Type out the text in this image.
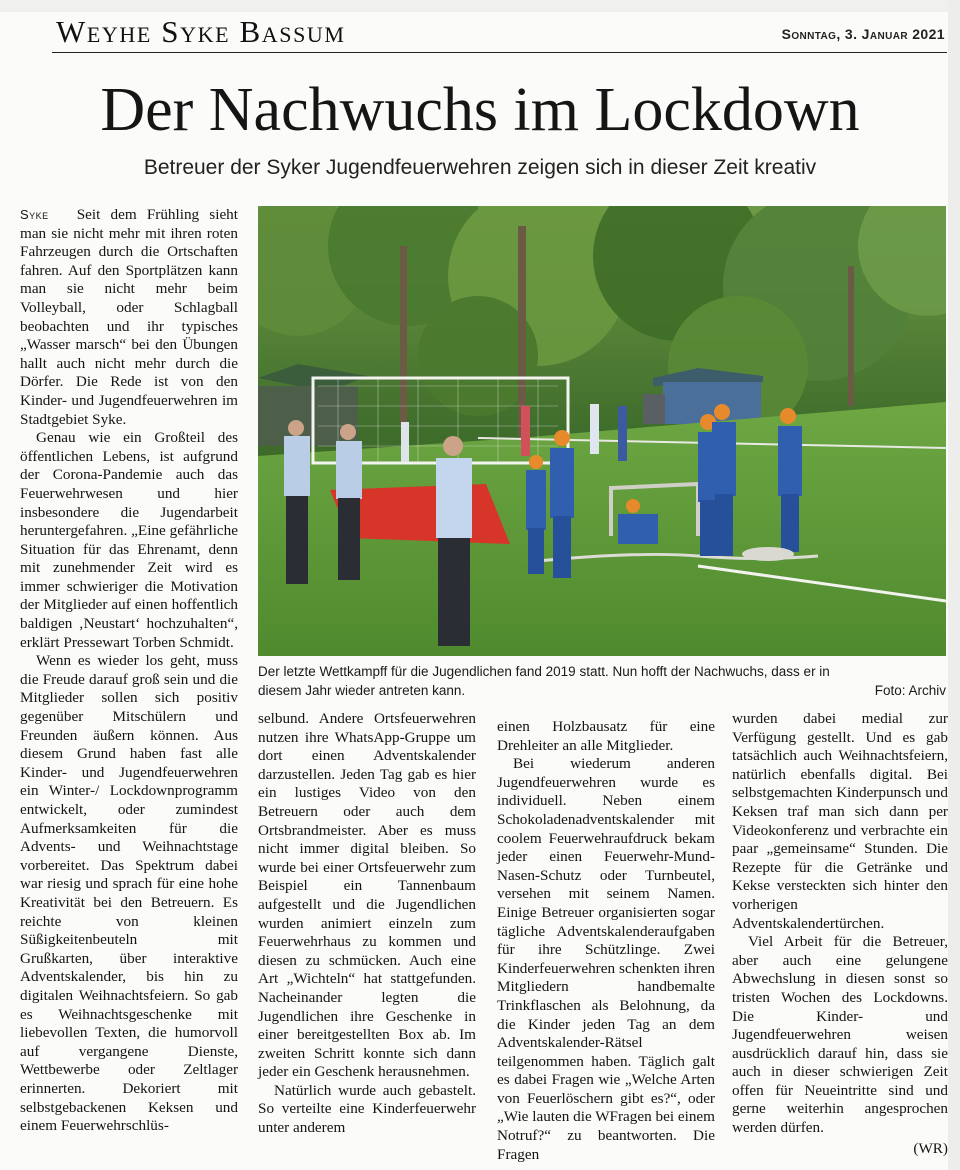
Weyhe Syke Bassum	Sonntag, 3. Januar 2021
Der Nachwuchs im Lockdown
Betreuer der Syker Jugendfeuerwehren zeigen sich in dieser Zeit kreativ
Der letzte Wettkampff für die Jugendlichen fand 2019 statt. Nun hofft der Nachwuchs, dass er in
diesem Jahr wieder antreten kann.	Foto: Archiv

Syke Seit dem Frühling sieht man sie nicht mehr mit ihren roten Fahrzeugen durch die Ortschaften fahren. Auf den Sportplätzen kann man sie nicht mehr beim Volleyball, oder Schlagball beobachten und ihr typisches „Wasser marsch“ bei den Übungen hallt auch nicht mehr durch die Dörfer. Die Rede ist von den Kinder- und Jugendfeuerwehren im Stadtgebiet Syke.

Genau wie ein Großteil des öffentlichen Lebens, ist aufgrund der Corona-Pandemie auch das Feuerwehrwesen und hier insbesondere die Jugendarbeit heruntergefahren. „Eine gefährliche Situation für das Ehrenamt, denn mit zunehmender Zeit wird es immer schwieriger die Motivation der Mitglieder auf einen hoffentlich baldigen ‚Neustart‘ hochzuhalten“, erklärt Pressewart Torben Schmidt.

Wenn es wieder los geht, muss die Freude darauf groß sein und die Mitglieder sollen sich positiv gegenüber Mitschülern und Freunden äußern können. Aus diesem Grund haben fast alle Kinder- und Jugendfeuerwehren ein Winter-/ Lockdownprogramm entwickelt, oder zumindest Aufmerksamkeiten für die Advents- und Weihnachtstage vorbereitet. Das Spektrum dabei war riesig und sprach für eine hohe Kreativität bei den Betreuern. Es reichte von kleinen Süßigkeitenbeuteln mit Grußkarten, über interaktive Adventskalender, bis hin zu digitalen Weihnachtsfeiern. So gab es Weihnachtsgeschenke mit liebevollen Texten, die humorvoll auf vergangene Dienste, Wettbewerbe oder Zeltlager erinnerten. Dekoriert mit selbstgebackenen Keksen und einem Feuerwehrschlüs-

selbund. Andere Ortsfeuerwehren nutzen ihre WhatsApp-Gruppe um dort einen Adventskalender darzustellen. Jeden Tag gab es hier ein lustiges Video von den Betreuern oder auch dem Ortsbrandmeister. Aber es muss nicht immer digital bleiben. So wurde bei einer Ortsfeuerwehr zum Beispiel ein Tannenbaum aufgestellt und die Jugendlichen wurden animiert einzeln zum Feuerwehrhaus zu kommen und diesen zu schmücken. Auch eine Art „Wichteln“ hat stattgefunden. Nacheinander legten die Jugendlichen ihre Geschenke in einer bereitgestellten Box ab. Im zweiten Schritt konnte sich dann jeder ein Geschenk herausnehmen.

Natürlich wurde auch gebastelt. So verteilte eine Kinderfeuerwehr unter anderem

einen Holzbausatz für eine Drehleiter an alle Mitglieder.

Bei wiederum anderen Jugendfeuerwehren wurde es individuell. Neben einem Schokoladenadventskalender mit coolem Feuerwehraufdruck bekam jeder einen Feuerwehr-Mund-Nasen-Schutz oder Turnbeutel, versehen mit seinem Namen. Einige Betreuer organisierten sogar tägliche Adventskalenderaufgaben für ihre Schützlinge. Zwei Kinderfeuerwehren schenkten ihren Mitgliedern handbemalte Trinkflaschen als Belohnung, da die Kinder jeden Tag an dem Adventskalender-Rätsel teilgenommen haben. Täglich galt es dabei Fragen wie „Welche Arten von Feuerlöschern gibt es?“, oder „Wie lauten die WFragen bei einem Notruf?“ zu beantworten. Die Fragen

wurden dabei medial zur Verfügung gestellt. Und es gab tatsächlich auch Weihnachtsfeiern, natürlich ebenfalls digital. Bei selbstgemachten Kinderpunsch und Keksen traf man sich dann per Videokonferenz und verbrachte ein paar „gemeinsame“ Stunden. Die Rezepte für die Getränke und Kekse versteckten sich hinter den vorherigen Adventskalendertürchen.

Viel Arbeit für die Betreuer, aber auch eine gelungene Abwechslung in diesen sonst so tristen Wochen des Lockdowns. Die Kinder- und Jugendfeuerwehren weisen ausdrücklich darauf hin, dass sie auch in dieser schwierigen Zeit offen für Neueintritte sind und gerne weiterhin angesprochen werden dürfen.

(WR)
